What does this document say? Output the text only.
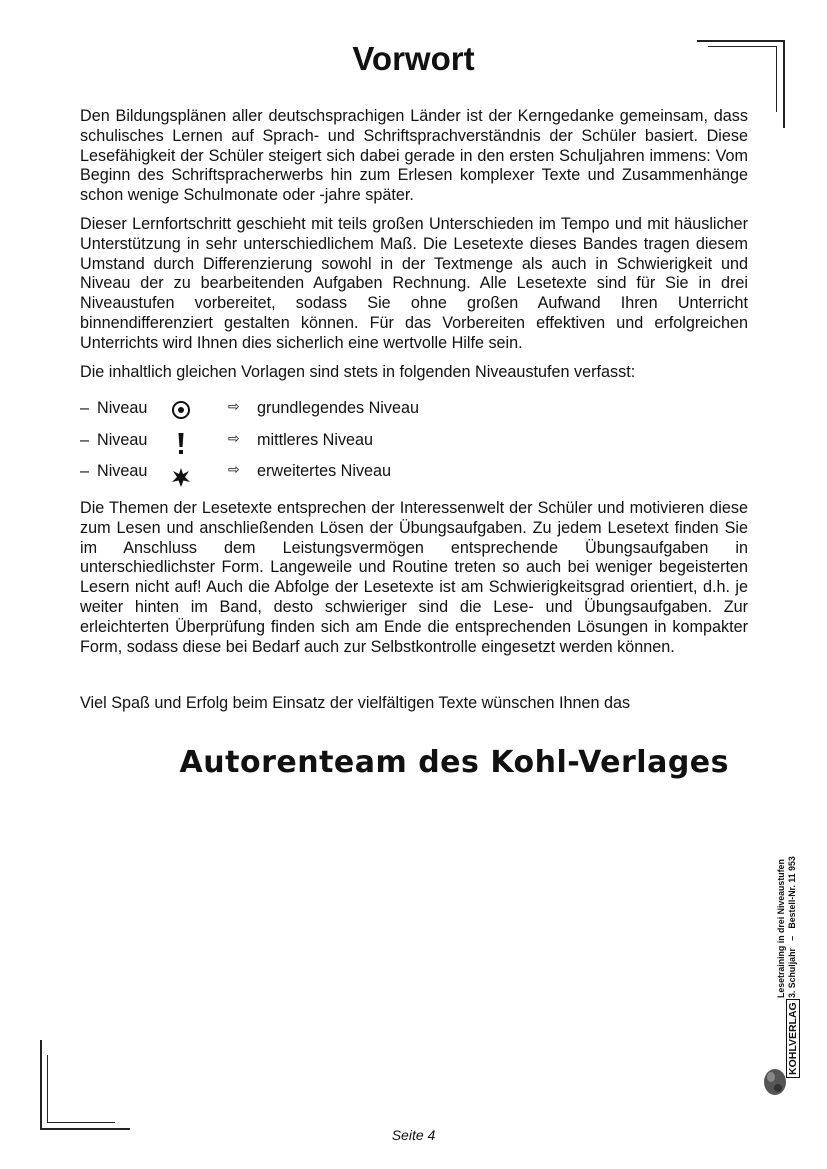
Vorwort

Den Bildungsplänen aller deutschsprachigen Länder ist der Kerngedanke gemeinsam, dass schulisches Lernen auf Sprach- und Schriftsprachverständnis der Schüler basiert. Diese Lesefähigkeit der Schüler steigert sich dabei gerade in den ersten Schuljahren immens: Vom Beginn des Schriftspracherwerbs hin zum Erlesen komplexer Texte und Zusammenhänge schon wenige Schulmonate oder -jahre später.

Dieser Lernfortschritt geschieht mit teils großen Unterschieden im Tempo und mit häuslicher Unterstützung in sehr unterschiedlichem Maß. Die Lesetexte dieses Bandes tragen diesem Umstand durch Differenzierung sowohl in der Textmenge als auch in Schwierigkeit und Niveau der zu bearbeitenden Aufgaben Rechnung. Alle Lesetexte sind für Sie in drei Niveaustufen vorbereitet, sodass Sie ohne großen Aufwand Ihren Unterricht binnendifferenziert gestalten können. Für das Vorbereiten effektiven und erfolgreichen Unterrichts wird Ihnen dies sicherlich eine wertvolle Hilfe sein.

Die inhaltlich gleichen Vorlagen sind stets in folgenden Niveaustufen verfasst:

– Niveau	⇨ grundlegendes Niveau
– Niveau	⇨ mittleres Niveau
– Niveau	⇨ erweitertes Niveau

Die Themen der Lesetexte entsprechen der Interessenwelt der Schüler und motivieren diese zum Lesen und anschließenden Lösen der Übungsaufgaben. Zu jedem Lesetext finden Sie im Anschluss dem Leistungsvermögen entsprechende Übungsaufgaben in unterschiedlichster Form. Langeweile und Routine treten so auch bei weniger begeisterten Lesern nicht auf! Auch die Abfolge der Lesetexte ist am Schwierigkeitsgrad orientiert, d.h. je weiter hinten im Band, desto schwieriger sind die Lese- und Übungsaufgaben. Zur erleichterten Überprüfung finden sich am Ende die entsprechenden Lösungen in kompakter Form, sodass diese bei Bedarf auch zur Selbstkontrolle eingesetzt werden können.

Viel Spaß und Erfolg beim Einsatz der vielfältigen Texte wünschen Ihnen das

Autorenteam des Kohl-Verlages

Lesetraining in drei Niveaustufen 3. Schuljahr   –   Bestell-Nr. 11 953
KOHLVERLAG
Seite 4
